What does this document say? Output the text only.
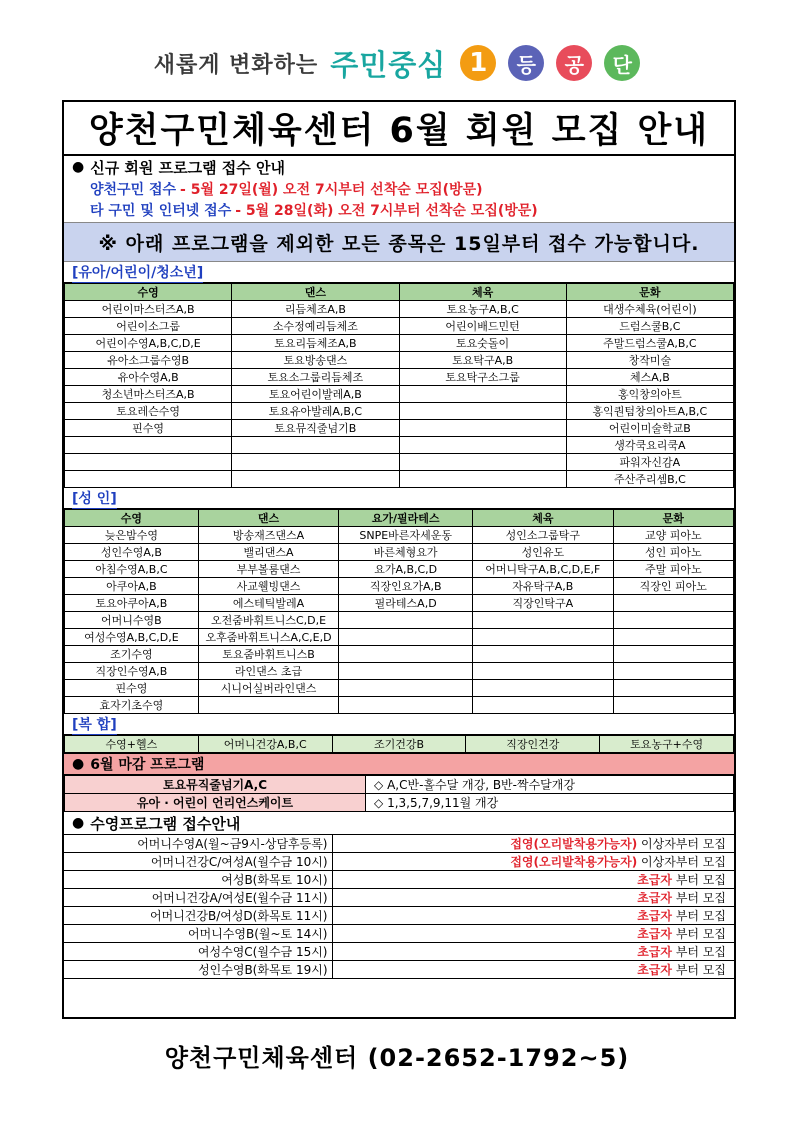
새롭게 변화하는 주민중심 1	등	공	단
양천구민체육센터 6월 회원 모집 안내
● 신규 회원 프로그램 접수 안내
양천구민 접수 - 5월 27일(월) 오전 7시부터 선착순 모집(방문)
타 구민 및 인터넷 접수 - 5월 28일(화) 오전 7시부터 선착순 모집(방문)
※ 아래 프로그램을 제외한 모든 종목은 15일부터 접수 가능합니다.
[유아/어린이/청소년]
수영	댄스	체육	문화
어린이마스터즈A,B	리듬체조A,B	토요농구A,B,C	대생수체육(어린이)
어린이소그룹	소수정예리듬체조	어린이배드민턴	드럼스쿨B,C
어린이수영A,B,C,D,E	토요리듬체조A,B	토요숫돌이	주말드럼스쿨A,B,C
유아소그룹수영B	토요방송댄스	토요탁구A,B	창작미술
유아수영A,B	토요소그룹리듬체조	토요탁구소그룹	체스A,B
청소년마스터즈A,B	토요어린이발레A,B		홍익창의아트
토요레슨수영	토요유아발레A,B,C		홍익퀀텀창의아트A,B,C
핀수영	토요뮤직줄넘기B		어린이미술학교B
			생각쿡요리쿡A
			파워자신감A
			주산주리셈B,C
[성 인]
수영	댄스	요가/필라테스	체육	문화
늦은밤수영	방송재즈댄스A	SNPE바른자세운동	성인소그룹탁구	교양 피아노
성인수영A,B	밸리댄스A	바른체형요가	성인유도	성인 피아노
아침수영A,B,C	부부볼룸댄스	요가A,B,C,D	어머니탁구A,B,C,D,E,F	주말 피아노
아쿠아A,B	사교웰빙댄스	직장인요가A,B	자유탁구A,B	직장인 피아노
토요아쿠아A,B	에스테틱발레A	필라테스A,D	직장인탁구A	
어머니수영B	오전줌바휘트니스C,D,E			
여성수영A,B,C,D,E	오후줌바휘트니스A,C,E,D			
조기수영	토요줌바휘트니스B			
직장인수영A,B	라인댄스 초급			
핀수영	시니어실버라인댄스			
효자기초수영				
[복 합]
수영+헬스	어머니건강A,B,C	조기건강B	직장인건강	토요농구+수영
● 6월 마감 프로그램
토요뮤직줄넘기A,C	◇ A,C반-홀수달 개강, B반-짝수달개강
유아 · 어린이 언리언스케이트	◇ 1,3,5,7,9,11월 개강
● 수영프로그램 접수안내
어머니수영A(월~금9시-상담후등록)	접영(오리발착용가능자) 이상자부터 모집
어머니건강C/여성A(월수금 10시)	접영(오리발착용가능자) 이상자부터 모집
여성B(화목토 10시)	초급자 부터 모집
어머니건강A/여성E(월수금 11시)	초급자 부터 모집
어머니건강B/여성D(화목토 11시)	초급자 부터 모집
어머니수영B(월~토 14시)	초급자 부터 모집
여성수영C(월수금 15시)	초급자 부터 모집
성인수영B(화목토 19시)	초급자 부터 모집
양천구민체육센터 (02-2652-1792~5)
